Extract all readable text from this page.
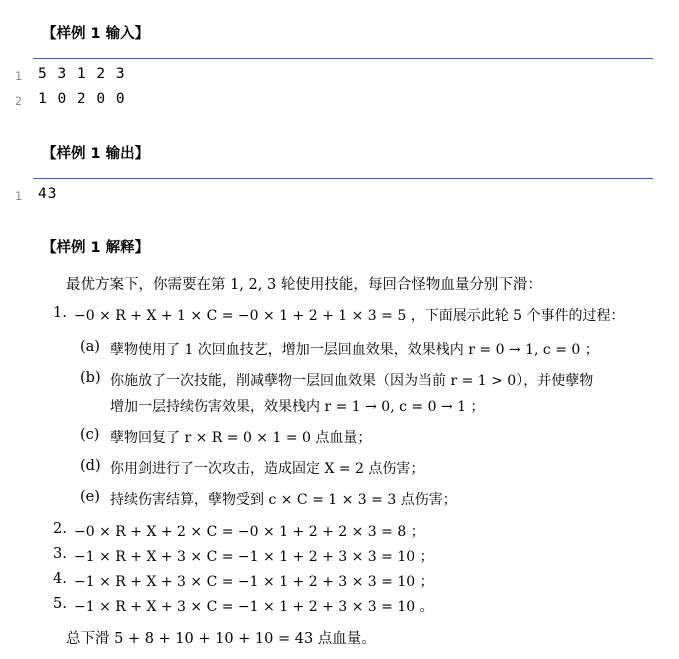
【样例 1 输入】
1 5 3 1 2 3
2 1 0 2 0 0
【样例 1 输出】
1 43
【样例 1 解释】
最优方案下，你需要在第 1, 2, 3 轮使用技能，每回合怪物血量分别下滑：
1. −0 × R + X + 1 × C = −0 × 1 + 2 + 1 × 3 = 5 ，下面展示此轮 5 个事件的过程：
(a) 孽物使用了 1 次回血技艺，增加一层回血效果，效果栈内 r = 0 → 1, c = 0 ；
(b) 你施放了一次技能，削减孽物一层回血效果（因为当前 r = 1 > 0），并使孽物
增加一层持续伤害效果，效果栈内 r = 1 → 0, c = 0 → 1 ；
(c) 孽物回复了 r × R = 0 × 1 = 0 点血量；
(d) 你用剑进行了一次攻击，造成固定 X = 2 点伤害；
(e) 持续伤害结算，孽物受到 c × C = 1 × 3 = 3 点伤害；
2. −0 × R + X + 2 × C = −0 × 1 + 2 + 2 × 3 = 8 ；
3. −1 × R + X + 3 × C = −1 × 1 + 2 + 3 × 3 = 10 ；
4. −1 × R + X + 3 × C = −1 × 1 + 2 + 3 × 3 = 10 ；
5. −1 × R + X + 3 × C = −1 × 1 + 2 + 3 × 3 = 10 。
总下滑 5 + 8 + 10 + 10 + 10 = 43 点血量。
